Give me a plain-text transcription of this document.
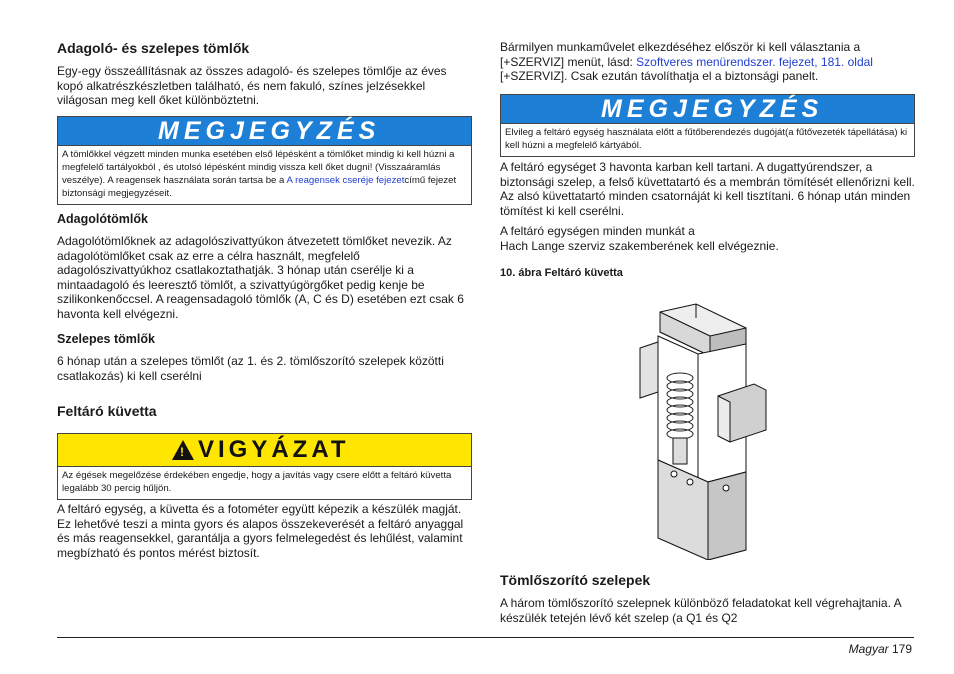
Adagoló- és szelepes tömlők

Egy-egy összeállításnak az összes adagoló- és szelepes tömlője az éves kopó alkatrészkészletben található, és nem fakuló, színes jelzésekkel világosan meg kell őket különböztetni.

MEGJEGYZÉS
A tömlőkkel végzett minden munka esetében első lépésként a tömlőket mindig ki kell húzni a megfelelő tartályokból , és utolsó lépésként mindig vissza kell őket dugni! (Visszaáramlás veszélye). A reagensek használata során tartsa be a A reagensek cseréje fejezetcímű fejezet biztonsági megjegyzéseit.
Adagolótömlők

Adagolótömlőknek az adagolószivattyúkon átvezetett tömlőket nevezik. Az adagolótömlőket csak az erre a célra használt, megfelelő adagolószivattyúkhoz csatlakoztathatják. 3 hónap után cserélje ki a mintaadagoló és leeresztő tömlőt, a szivattyúgörgőket pedig kenje be szilikonkenőccsel. A reagensadagoló tömlők (A, C és D) esetében ezt csak 6 havonta kell elvégezni.

Szelepes tömlők

6 hónap után a szelepes tömlőt (az 1. és 2. tömlőszorító szelepek közötti csatlakozás) ki kell cserélni

Feltáró küvetta
! VIGYÁZAT
Az égések megelőzése érdekében engedje, hogy a javítás vagy csere előtt a feltáró küvetta legalább 30 percig hűljön.

A feltáró egység, a küvetta és a fotométer együtt képezik a készülék magját. Ez lehetővé teszi a minta gyors és alapos összekeverését a feltáró anyaggal és más reagensekkel, garantálja a gyors felmelegedést és lehűlést, valamint megbízható és pontos mérést biztosít.

Bármilyen munkaművelet elkezdéséhez először ki kell választania a [+SZERVIZ] menüt, lásd: Szoftveres menürendszer. fejezet, 181. oldal [+SZERVIZ]. Csak ezután távolíthatja el a biztonsági panelt.

MEGJEGYZÉS
Elvileg a feltáró egység használata előtt a fűtőberendezés dugóját(a fűtővezeték tápellátása) ki kell húzni a megfelelő kártyából.

A feltáró egységet 3 havonta karban kell tartani. A dugattyúrendszer, a biztonsági szelep, a felső küvettatartó és a membrán tömítését ellenőrizni kell. Az alsó küvettatartó minden csatornáját ki kell tisztítani. 6 hónap után minden tömítést ki kell cserélni.

A feltáró egységen minden munkát a
Hach Lange szerviz szakemberének kell elvégeznie.

10. ábra Feltáró küvetta
Tömlőszorító szelepek

A három tömlőszorító szelepnek különböző feladatokat kell végrehajtania. A készülék tetején lévő két szelep (a Q1 és Q2

Magyar 179
